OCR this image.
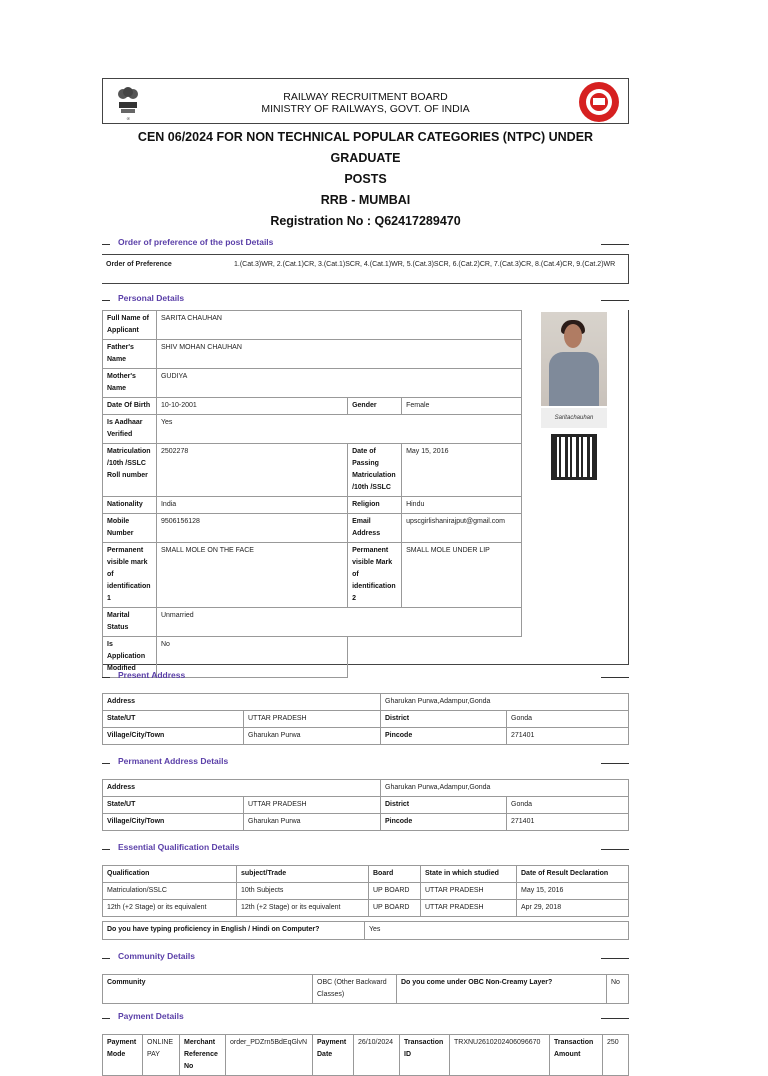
अ
RAILWAY RECRUITMENT BOARD
MINISTRY OF RAILWAYS, GOVT. OF INDIA
CEN 06/2024 FOR NON TECHNICAL POPULAR CATEGORIES (NTPC) UNDER GRADUATE
POSTS
RRB - MUMBAI
Registration No : Q62417289470
Order of preference of the post Details
Order of Preference	1.(Cat.3)WR, 2.(Cat.1)CR, 3.(Cat.1)SCR, 4.(Cat.1)WR, 5.(Cat.3)SCR, 6.(Cat.2)CR, 7.(Cat.3)CR, 8.(Cat.4)CR, 9.(Cat.2)WR
Personal Details
Full Name of Applicant	SARITA CHAUHAN		
Father's Name	SHIV MOHAN CHAUHAN		
Mother's Name	GUDIYA		
Date Of Birth	10-10-2001	Gender	Female
Is Aadhaar Verified	Yes		
Matriculation /10th /SSLC Roll number	2502278	Date of Passing Matriculation /10th /SSLC	May 15, 2016
Nationality	India	Religion	Hindu
Mobile Number	9506156128	Email Address	upscgirlishanirajput@gmail.com
Permanent visible mark of identification 1	SMALL MOLE ON THE FACE	Permanent visible Mark of identification 2	SMALL MOLE UNDER LIP
Marital Status	Unmarried		
Is Application Modified	No		
Saritachauhan
Present Address
Address		Gharukan Purwa,Adampur,Gonda	
State/UT	UTTAR PRADESH	District	Gonda
Village/City/Town	Gharukan Purwa	Pincode	271401
Permanent Address Details
Address		Gharukan Purwa,Adampur,Gonda	
State/UT	UTTAR PRADESH	District	Gonda
Village/City/Town	Gharukan Purwa	Pincode	271401
Essential Qualification Details
Qualification	subject/Trade	Board	State in which studied	Date of Result Declaration
Matriculation/SSLC	10th Subjects	UP BOARD	UTTAR PRADESH	May 15, 2016
12th (+2 Stage) or its equivalent	12th (+2 Stage) or its equivalent	UP BOARD	UTTAR PRADESH	Apr 29, 2018
Do you have typing proficiency in English / Hindi on Computer?	Yes
Community Details
Community	OBC (Other Backward Classes)	Do you come under OBC Non-Creamy Layer?	No
Payment Details
Payment Mode	ONLINE PAY	Merchant Reference No	order_PDZrn5BdEqGlvN	Payment Date	26/10/2024	Transaction ID	TRXNU2610202406096670	Transaction Amount	250
